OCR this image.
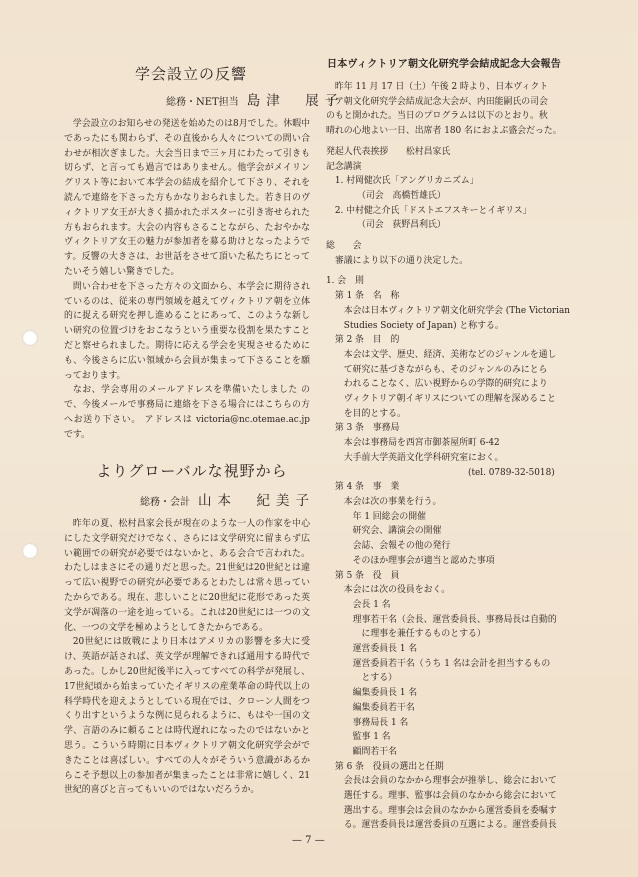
学会設立の反響
総務・NET担当 島津　展子

学会設立のお知らせの発送を始めたのは8月でした。休暇中であったにも関わらず、その直後から人々についての問い合わせが相次ぎました。大会当日まで三ヶ月にわたって引きも切らず、と言っても過言ではありません。他学会がメイリングリスト等において本学会の結成を紹介して下さり、それを読んで連絡を下さった方もかなりおられました。若き日のヴィクトリア女王が大きく描かれたポスターに引き寄せられた方もおられます。大会の内容もさることながら、たおやかなヴィクトリア女王の魅力が参加者を募る助けとなったようです。反響の大きさは、お世話をさせて頂いた私たちにとってたいそう嬉しい驚きでした。

問い合わせを下さった方々の文面から、本学会に期待されているのは、従来の専門領域を越えてヴィクトリア朝を立体的に捉える研究を押し進めることにあって、このような新しい研究の位置づけをおこなうという重要な役割を果たすことだと察せられました。期待に応える学会を実現させるためにも、今後さらに広い領域から会員が集まって下さることを願っております。

なお、学会専用のメールアドレスを準備いたしました ので、今後メールで事務局に連絡を下さる場合にはこちらの方へお送り下さい。 アドレスは victoria@nc.otemae.ac.jp です。

よりグローバルな視野から
総務・会計 山本　紀美子

昨年の夏、松村昌家会長が現在のような一人の作家を中心にした文学研究だけでなく、さらには文学研究に留まらず広い範囲での研究が必要ではないかと、ある会合で言われた。わたしはまさにその通りだと思った。21世紀は20世紀とは違って広い視野での研究が必要であるとわたしは常々思っていたからである。現在、悲しいことに20世紀に花形であった英文学が凋落の一途を辿っている。これは20世紀には一つの文化、一つの文学を極めようとしてきたからである。

20世紀には敗戦により日本はアメリカの影響を多大に受け、英語が話されば、英文学が理解できれば通用する時代であった。しかし20世紀後半に入ってすべての科学が発展し、17世紀頃から始まっていたイギリスの産業革命の時代以上の科学時代を迎えようとしている現在では、クローン人間をつくり出すというような例に見られるように、もはや一国の文学、言語のみに頼ることは時代遅れになったのではないかと思う。こういう時期に日本ヴィクトリア朝文化研究学会ができたことは喜ばしい。すべての人々がそういう意識があるからこそ予想以上の参加者が集まったことは非常に嬉しく、21世紀的喜びと言ってもいいのではないだろうか。

日本ヴィクトリア朝文化研究学会結成記念大会報告
　昨年 11 月 17 日（土）午後 2 時より、日本ヴィクト
リア朝文化研究学会結成記念大会が、内田能嗣氏の司会
のもと開かれた。当日のプログラムは以下のとおり。秋
晴れの心地よい一日、出席者 180 名におよぶ盛会だった。
発起人代表挨拶　　松村昌家氏
記念講演
　1. 村岡健次氏「アングリカニズム」
　　　　（司会　高橋哲雄氏）
　2. 中村健之介氏「ドストエフスキーとイギリス」
　　　　（司会　荻野昌利氏）
総　　会
　審議により以下の通り決定した。
1. 会　則
　第 1 条　名　称
　　本会は日本ヴィクトリア朝文化研究学会 (The Victorian
　　Studies Society of Japan) と称する。
　第 2 条　目　的
　　本会は文学、歴史、経済、美術などのジャンルを通し
　　て研究に基づきながらも、そのジャンルのみにとら
　　われることなく、広い視野からの学際的研究により
　　ヴィクトリア朝イギリスについての理解を深めること
　　を目的とする。
　第 3 条　事務局
　　本会は事務局を西宮市御茶屋所町 6-42
　　大手前大学英語文化学科研究室におく。
　　　　　　　　　　　　　　　　(tel. 0789-32-5018)
　第 4 条　事　業
　　本会は次の事業を行う。
　　　年 1 回総会の開催
　　　研究会、講演会の開催
　　　会誌、会報その他の発行
　　　そのほか理事会が適当と認めた事項
　第 5 条　役　員
　　本会には次の役員をおく。
　　　会長 1 名
　　　理事若干名（会長、運営委員長、事務局長は自動的
　　　　に理事を兼任するものとする）
　　　運営委員長 1 名
　　　運営委員若干名（うち 1 名は会計を担当するもの
　　　　とする）
　　　編集委員長 1 名
　　　編集委員若干名
　　　事務局長 1 名
　　　監事 1 名
　　　顧問若干名
　第 6 条　役員の選出と任期
　　会長は会員のなかから理事会が推挙し、総会において
　　選任する。理事、監事は会員のなかから総会において
　　選出する。理事会は会員のなかから運営委員を委嘱す
　　る。運営委員長は運営委員の互選による。運営委員長
— 7 —
